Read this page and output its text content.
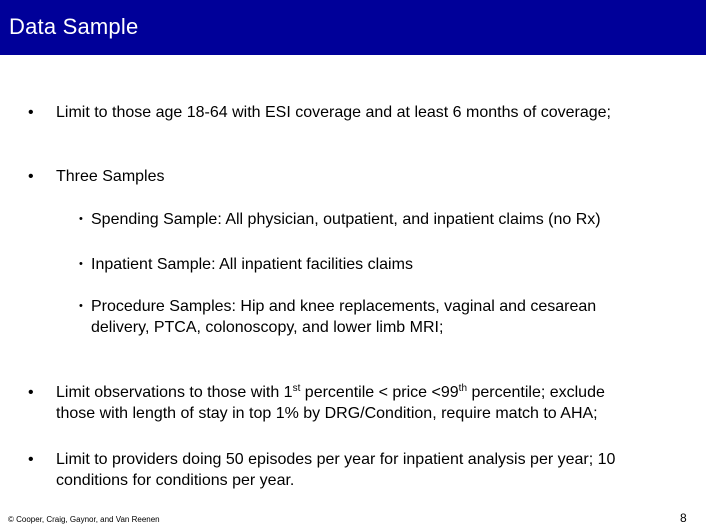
Data Sample
• Limit to those age 18-64 with ESI coverage and at least 6 months of coverage;
• Three Samples
• Spending Sample: All physician, outpatient, and inpatient claims (no Rx)
• Inpatient Sample: All inpatient facilities claims
• Procedure Samples: Hip and knee replacements, vaginal and cesarean
delivery, PTCA, colonoscopy, and lower limb MRI;
• Limit observations to those with 1st percentile < price <99th percentile; exclude
those with length of stay in top 1% by DRG/Condition, require match to AHA;
• Limit to providers doing 50 episodes per year for inpatient analysis per year; 10
conditions for conditions per year.
© Cooper, Craig, Gaynor, and Van Reenen	8
